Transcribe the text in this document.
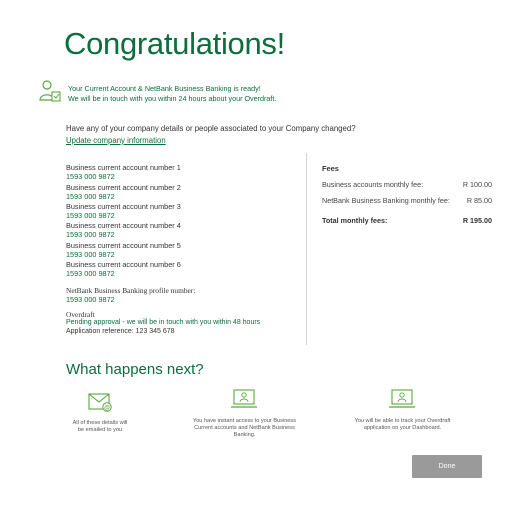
Congratulations!
Your Current Account & NetBank Business Banking is ready!
We will be in touch with you within 24 hours about your Overdraft.
Have any of your company details or people associated to your Company changed?
Update company information
Business current account number 1
1593 000 9872
Business current account number 2
1593 000 9872
Business current account number 3
1593 000 9872
Business current account number 4
1593 000 9872
Business current account number 5
1593 000 9872
Business current account number 6
1593 000 9872
NetBank Business Banking profile number:
1593 000 9872
Overdraft
Pending approval - we will be in touch with you within 48 hours
Application reference: 123 345 678
Fees
Business accounts monthly fee:	R 100.00
NetBank Business Banking monthly fee: R 85.00
Total monthly fees:	R 195.00
What happens next?
@
All of these details will
be emailed to you
You have instant access to your Business
Current accounts and NetBank Business
Banking.
You will be able to track your Overdraft
application on your Dashboard.
Done
